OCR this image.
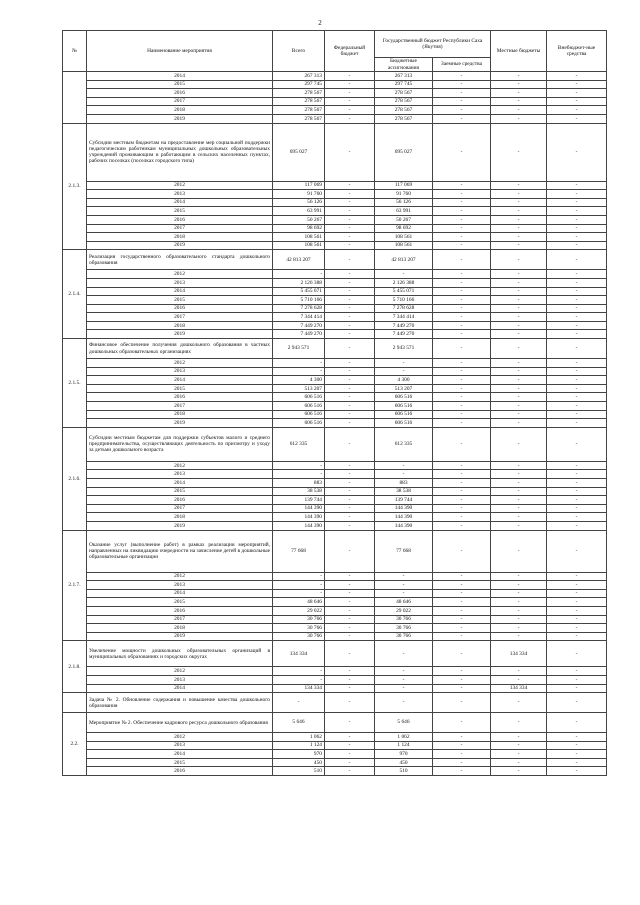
2
№	Наименование мероприятия	Всего	Федеральный бюджет	Государственный бюджет Республики Саха (Якутия)		Местные бюджеты	Внебюджет-ные средства
				Бюджетные ассигнования	Заемные средства		
	2014	267 313	-	267 313	-	-	-
	2015	297 745	-	297 745	-	-	-
	2016	278 567	-	278 567	-	-	-
	2017	278 567	-	278 567	-	-	-
	2018	278 567	-	278 567	-	-	-
	2019	278 567	-	278 567	-	-	-
2.1.3.	Субсидии местным бюджетам на предоставление мер социальной поддержки педагогическим работникам муниципальных дошкольных образовательных учреждений проживающим и работающим в сельских населенных пунктах, рабочих поселках (поселках городского типа)	695 027	-	695 027	-	-	-
	2012	117 069	-	117 069	-	-	-
	2013	91 760	-	91 760	-	-	-
	2014	56 126	-	56 126	-	-	-
	2015	63 991	-	63 991	-	-	-
	2016	50 267	-	50 267	-	-	-
	2017	98 692	-	98 692	-	-	-
	2018	108 561	-	108 561	-	-	-
	2019	108 561	-	108 561	-	-	-
2.1.4.	Реализация государственного образовательного стандарта дошкольного образования	42 813 207	-	42 813 207	-	-	-
	2012	-	-	-	-	-	-
	2013	2 126 388	-	2 126 388	-	-	-
	2014	5 455 071	-	5 455 071	-	-	-
	2015	5 710 166	-	5 710 166	-	-	-
	2016	7 278 628	-	7 278 628	-	-	-
	2017	7 344 414	-	7 344 414	-	-	-
	2018	7 449 270	-	7 449 270	-	-	-
	2019	7 449 270	-	7 449 270	-	-	-
2.1.5.	Финансовое обеспечение получения дошкольного образования в частных дошкольных образовательных организациях	2 943 571	-	2 943 571	-	-	-
	2012	-	-	-	-	-	-
	2013	-	-	-	-	-	-
	2014	4 300	-	4 300	-	-	-
	2015	513 207	-	513 207	-	-	-
	2016	606 516	-	606 516	-	-	-
	2017	606 516	-	606 516	-	-	-
	2018	606 516	-	606 516	-	-	-
	2019	606 516	-	606 516	-	-	-
2.1.6.	Субсидии местным бюджетам для поддержки субъектов малого и среднего предпринимательства, осуществляющих деятельность по присмотру и уходу за детьми дошкольного возраста	612 335	-	612 335	-	-	-
	2012	-	-	-	-	-	-
	2013	-	-	-	-	-	-
	2014	883	-	883	-	-	-
	2015	38 538	-	38 538	-	-	-
	2016	139 744	-	139 744	-	-	-
	2017	144 390	-	144 390	-	-	-
	2018	144 390	-	144 390	-	-	-
	2019	144 390	-	144 390	-	-	-
2.1.7.	Оказание услуг (выполнение работ) в рамках реализации мероприятий, направленных на ликвидацию очередности на зачисление детей в дошкольные образовательные организации	77 668	-	77 668	-	-	-
	2012	-	-	-	-	-	-
	2013	-	-	-	-	-	-
	2014	-	-	-	-	-	-
	2015	48 646	-	48 646	-	-	-
	2016	29 022	-	29 022	-	-	-
	2017	30 766	-	30 766	-	-	-
	2018	30 766	-	30 766	-	-	-
	2019	30 766	-	30 766	-	-	-
2.1.8.	Увеличение мощности дошкольных образовательных организаций в муниципальных образованиях и городских округах	134 334	-	-	-	134 334	-
	2012	-	-	-	-	-	-
	2013	-	-	-	-	-	-
	2014	134 334	-	-	-	134 334	-
	Задача № 2. Обновление содержания и повышение качества дошкольного образования	-	-	-	-	-	-
2.2.	Мероприятие № 2. Обеспечение кадрового ресурса дошкольного образования	5 646	-	5 646	-	-	-
	2012	1 062	-	1 062	-	-	-
	2013	1 124	-	1 124	-	-	-
	2014	970	-	970	-	-	-
	2015	450	-	450	-	-	-
	2016	510	-	510	-	-	-
